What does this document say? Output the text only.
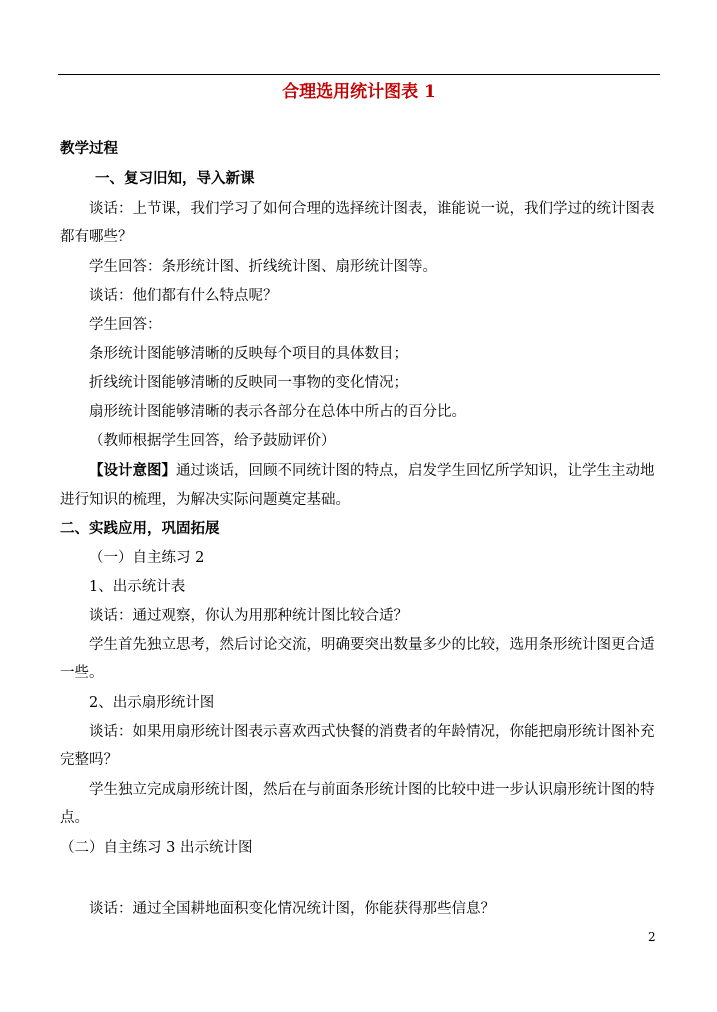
合理选用统计图表 1
教学过程
一、复习旧知，导入新课
谈话：上节课，我们学习了如何合理的选择统计图表，谁能说一说，我们学过的统计图表
都有哪些？
学生回答：条形统计图、折线统计图、扇形统计图等。
谈话：他们都有什么特点呢？
学生回答：
条形统计图能够清晰的反映每个项目的具体数目；
折线统计图能够清晰的反映同一事物的变化情况；
扇形统计图能够清晰的表示各部分在总体中所占的百分比。
（教师根据学生回答，给予鼓励评价）
【设计意图】通过谈话，回顾不同统计图的特点，启发学生回忆所学知识，让学生主动地
进行知识的梳理，为解决实际问题奠定基础。
二、实践应用，巩固拓展
（一）自主练习 2
1、出示统计表
谈话：通过观察，你认为用那种统计图比较合适？
学生首先独立思考，然后讨论交流，明确要突出数量多少的比较，选用条形统计图更合适
一些。
2、出示扇形统计图
谈话：如果用扇形统计图表示喜欢西式快餐的消费者的年龄情况，你能把扇形统计图补充
完整吗？
学生独立完成扇形统计图，然后在与前面条形统计图的比较中进一步认识扇形统计图的特
点。
（二）自主练习 3 出示统计图
谈话：通过全国耕地面积变化情况统计图，你能获得那些信息？
2
